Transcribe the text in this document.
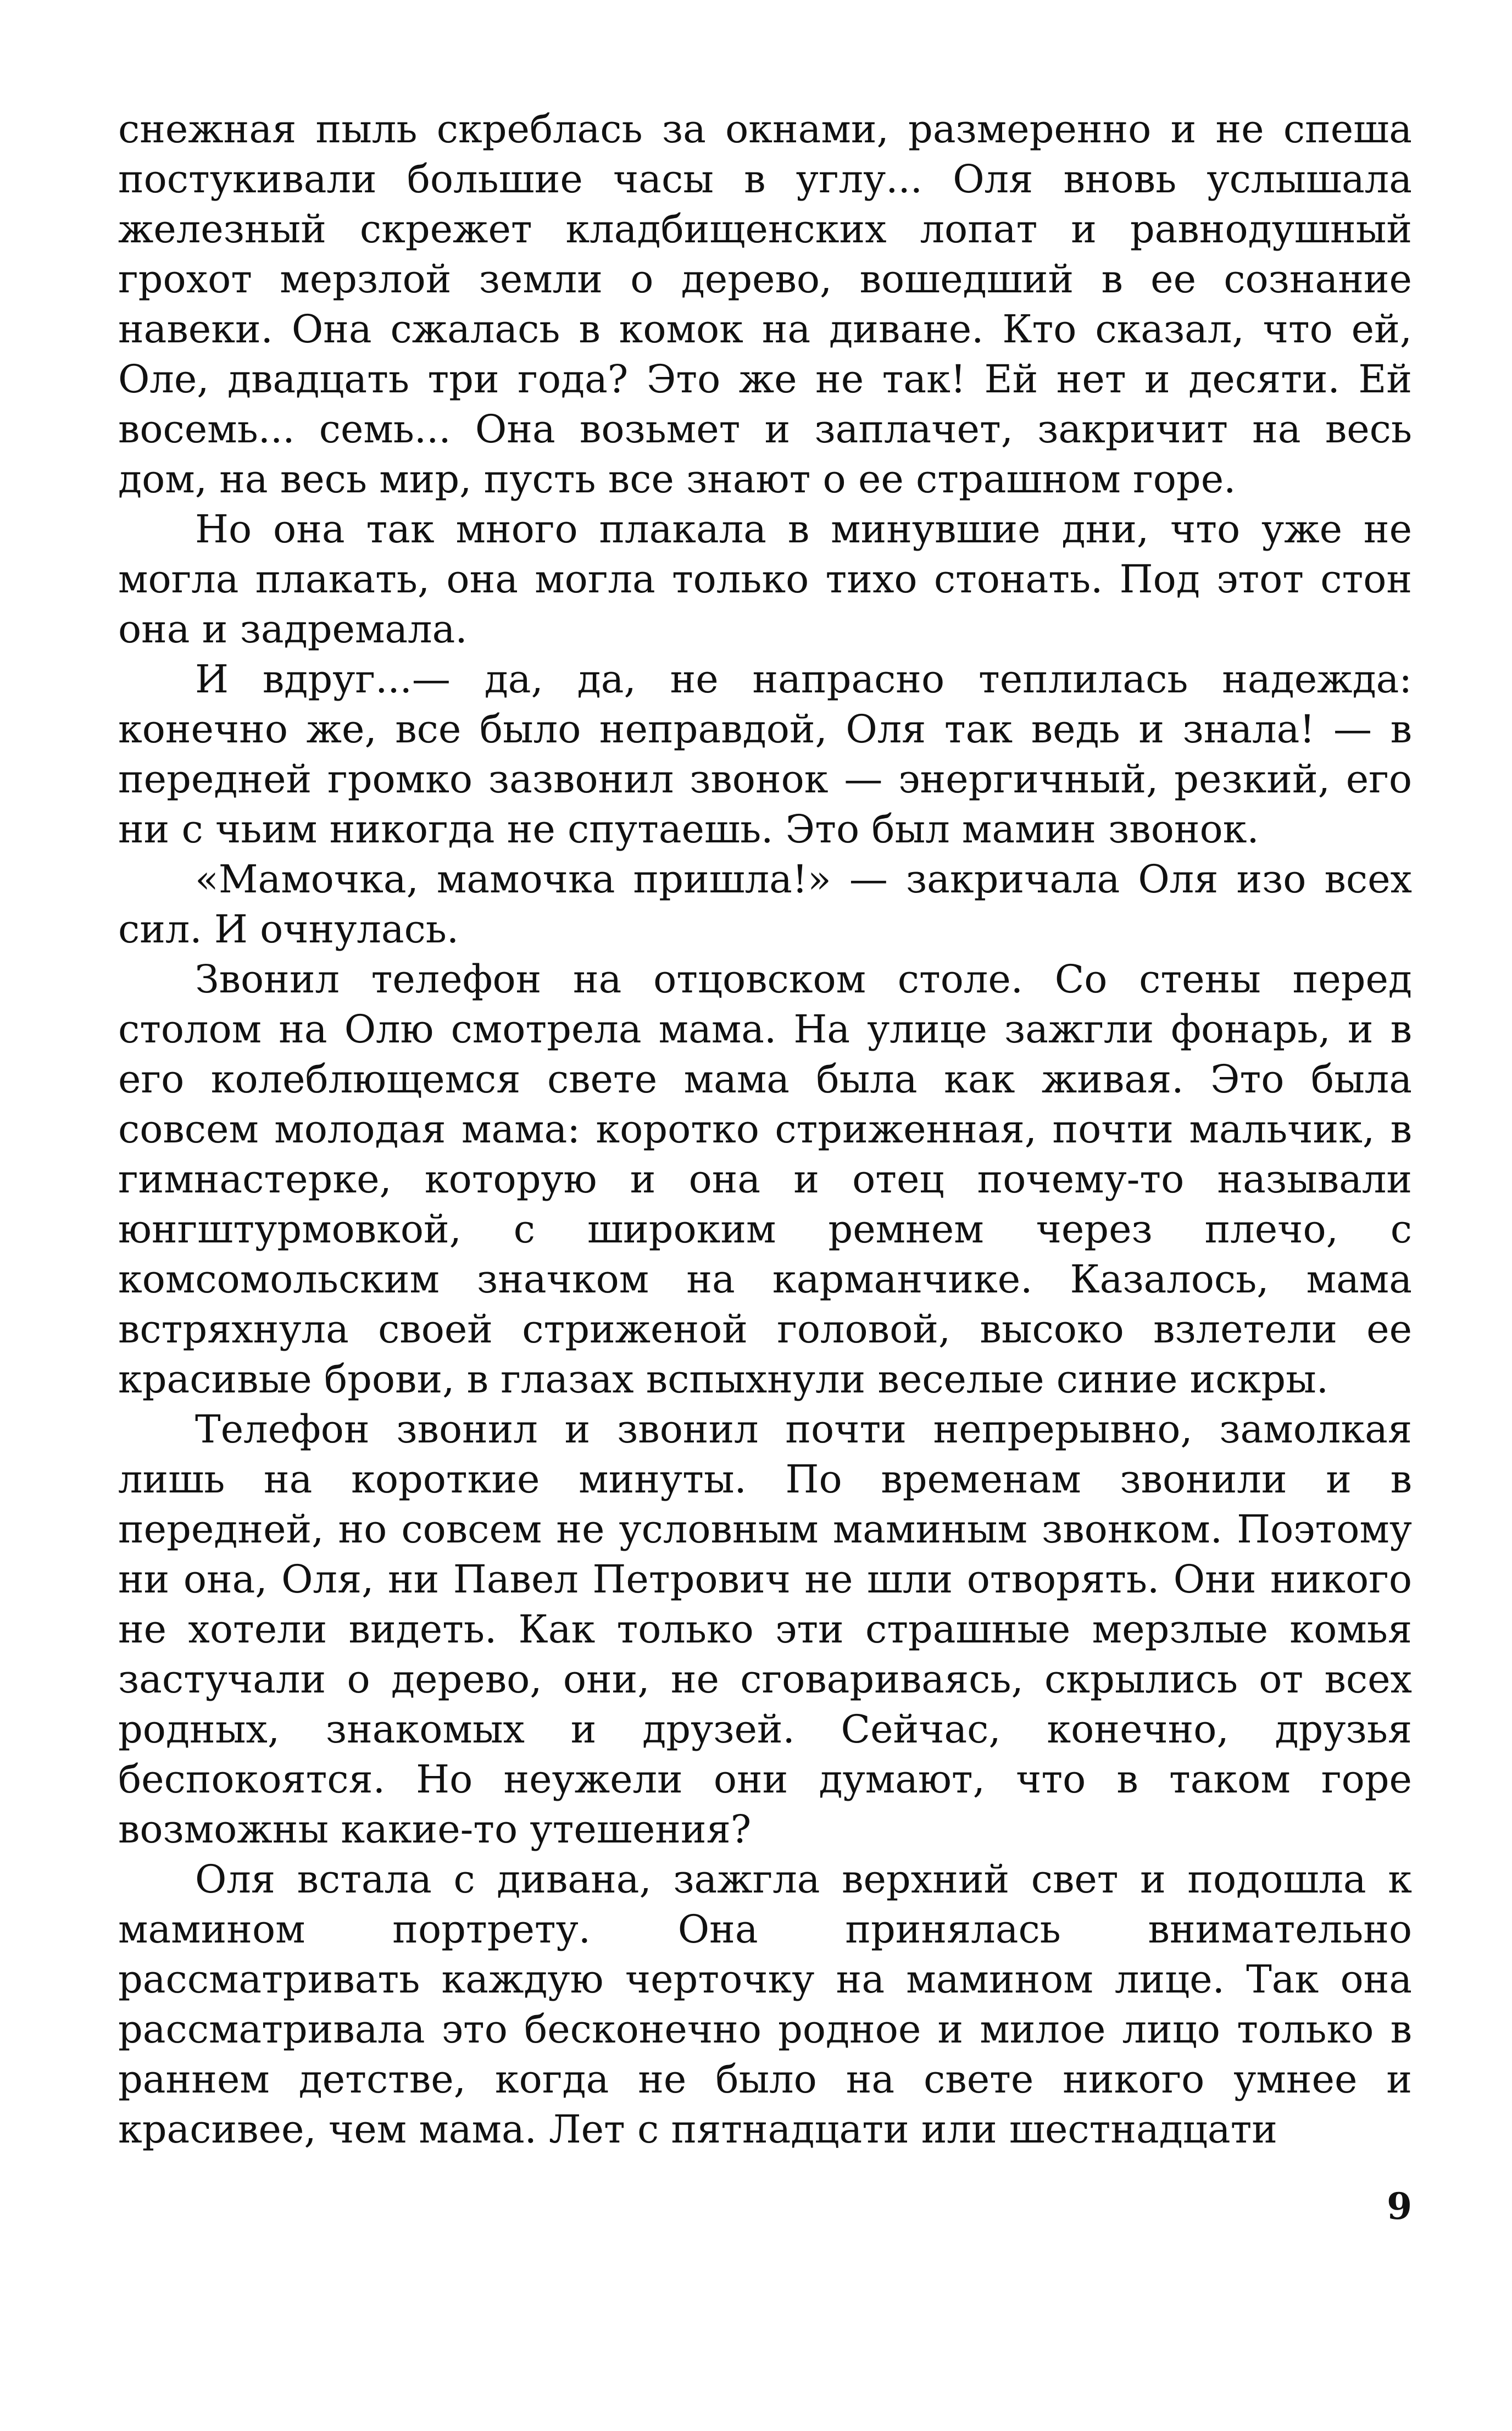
снежная пыль скреблась за окнами, размеренно и не спеша постукивали большие часы в углу... Оля вновь услышала железный скрежет кладбищенских лопат и равнодушный грохот мерзлой земли о дерево, вошедший в ее сознание навеки. Она сжалась в комок на диване. Кто сказал, что ей, Оле, двадцать три года? Это же не так! Ей нет и десяти. Ей восемь... семь... Она возьмет и заплачет, закричит на весь дом, на весь мир, пусть все знают о ее страшном горе.

Но она так много плакала в минувшие дни, что уже не могла плакать, она могла только тихо стонать. Под этот стон она и задремала.

И вдруг...— да, да, не напрасно теплилась надежда: конечно же, все было неправдой, Оля так ведь и знала! — в передней громко зазвонил звонок — энергичный, резкий, его ни с чьим никогда не спутаешь. Это был мамин звонок.

«Мамочка, мамочка пришла!» — закричала Оля изо всех сил. И очнулась.

Звонил телефон на отцовском столе. Со стены перед столом на Олю смотрела мама. На улице зажгли фонарь, и в его колеблющемся свете мама была как живая. Это была совсем молодая мама: коротко стриженная, почти мальчик, в гимнастерке, которую и она и отец почему-то называли юнгштурмовкой, с широким ремнем через плечо, с комсомольским значком на карманчике. Казалось, мама встряхнула своей стриженой головой, высоко взлетели ее красивые брови, в глазах вспыхнули веселые синие искры.

Телефон звонил и звонил почти непрерывно, замолкая лишь на короткие минуты. По временам звонили и в передней, но совсем не условным маминым звонком. Поэтому ни она, Оля, ни Павел Петрович не шли отворять. Они никого не хотели видеть. Как только эти страшные мерзлые комья застучали о дерево, они, не сговариваясь, скрылись от всех родных, знакомых и друзей. Сейчас, конечно, друзья беспокоятся. Но неужели они думают, что в таком горе возможны какие-то утешения?

Оля встала с дивана, зажгла верхний свет и подошла к мамином портрету. Она принялась внимательно рассматривать каждую черточку на мамином лице. Так она рассматривала это бесконечно родное и милое лицо только в раннем детстве, когда не было на свете никого умнее и красивее, чем мама. Лет с пятнадцати или шестнадцати

9
